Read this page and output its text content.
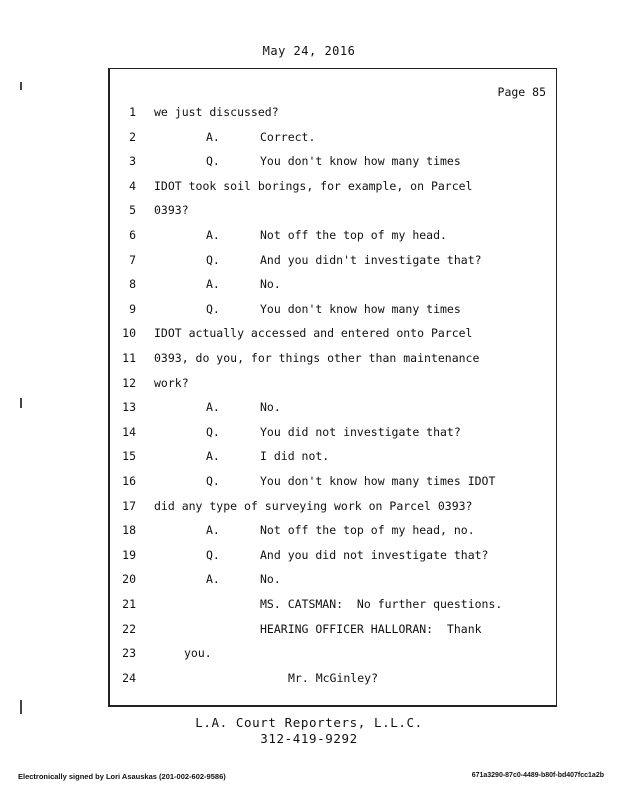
May 24, 2016
Page 85
1 we just discussed?
2	A.	Correct.
3	Q.	You don't know how many times
4 IDOT took soil borings, for example, on Parcel
5 0393?
6	A.	Not off the top of my head.
7	Q.	And you didn't investigate that?
8	A.	No.
9	Q.	You don't know how many times
10 IDOT actually accessed and entered onto Parcel
11 0393, do you, for things other than maintenance
12 work?
13	A.	No.
14	Q.	You did not investigate that?
15	A.	I did not.
16	Q.	You don't know how many times IDOT
17 did any type of surveying work on Parcel 0393?
18	A.	Not off the top of my head, no.
19	Q.	And you did not investigate that?
20	A.	No.
21	MS. CATSMAN:  No further questions.
22	HEARING OFFICER HALLORAN:  Thank
23	you.
24	Mr. McGinley?
L.A. Court Reporters, L.L.C.
312-419-9292
Electronically signed by Lori Asauskas (201-002-602-9586)	671a3290-87c0-4489-b80f-bd407fcc1a2b
